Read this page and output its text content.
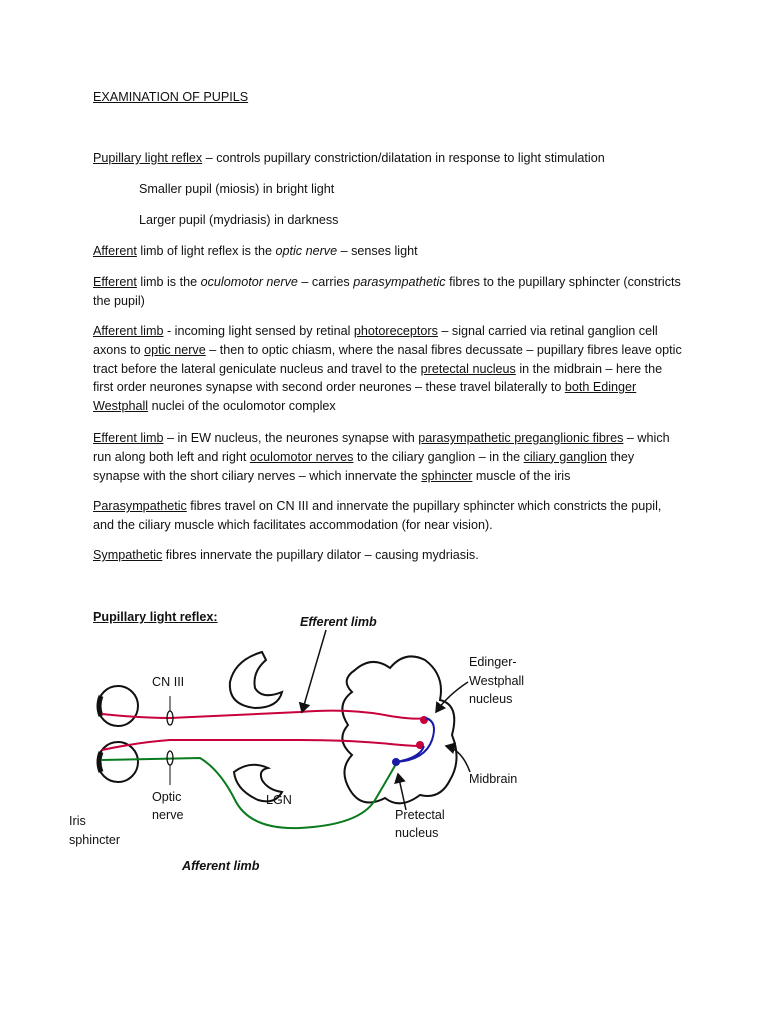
EXAMINATION OF PUPILS

Pupillary light reflex – controls pupillary constriction/dilatation in response to light stimulation

Smaller pupil (miosis) in bright light

Larger pupil (mydriasis) in darkness

Afferent limb of light reflex is the optic nerve – senses light

Efferent limb is the oculomotor nerve – carries parasympathetic fibres to the pupillary sphincter (constricts the pupil)

Afferent limb - incoming light sensed by retinal photoreceptors – signal carried via retinal ganglion cell axons to optic nerve – then to optic chiasm, where the nasal fibres decussate – pupillary fibres leave optic tract before the lateral geniculate nucleus and travel to the pretectal nucleus in the midbrain – here the first order neurones synapse with second order neurones – these travel bilaterally to both Edinger Westphall nuclei of the oculomotor complex

Efferent limb – in EW nucleus, the neurones synapse with parasympathetic preganglionic fibres – which run along both left and right oculomotor nerves to the ciliary ganglion – in the ciliary ganglion they synapse with the short ciliary nerves – which innervate the sphincter muscle of the iris

Parasympathetic fibres travel on CN III and innervate the pupillary sphincter which constricts the pupil, and the ciliary muscle which facilitates accommodation (for near vision).

Sympathetic fibres innervate the pupillary dilator – causing mydriasis.

Pupillary light reflex:	Efferent limb
CN III
Optic
nerve
Iris
sphincter
LGN
Afferent limb
Edinger-
Westphall
nucleus
Midbrain
Pretectal
nucleus
